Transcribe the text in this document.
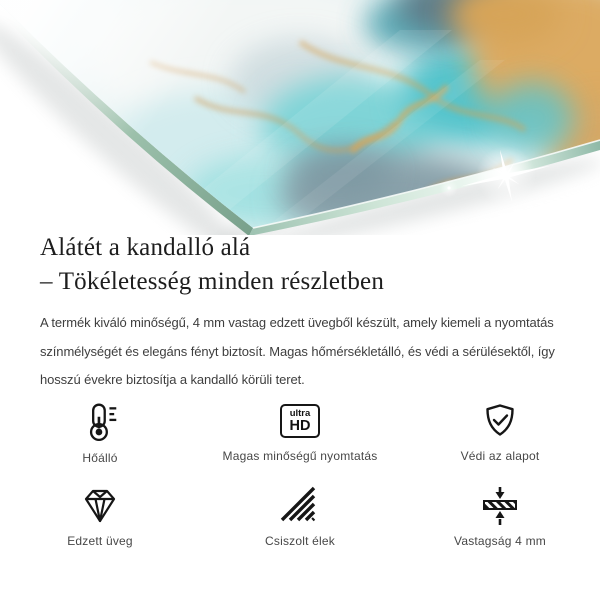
Alátét a kandalló alá
– Tökéletesség minden részletben

A termék kiváló minőségű, 4 mm vastag edzett üvegből készült, amely kiemeli a nyomtatás
színmélységét és elegáns fényt biztosít. Magas hőmérsékletálló, és védi a sérülésektől, így
hosszú évekre biztosítja a kandalló körüli teret.

Hőálló
ultra
HD
Magas minőségű nyomtatás	Védi az alapot
Edzett üveg	Csiszolt élek	Vastagság 4 mm
